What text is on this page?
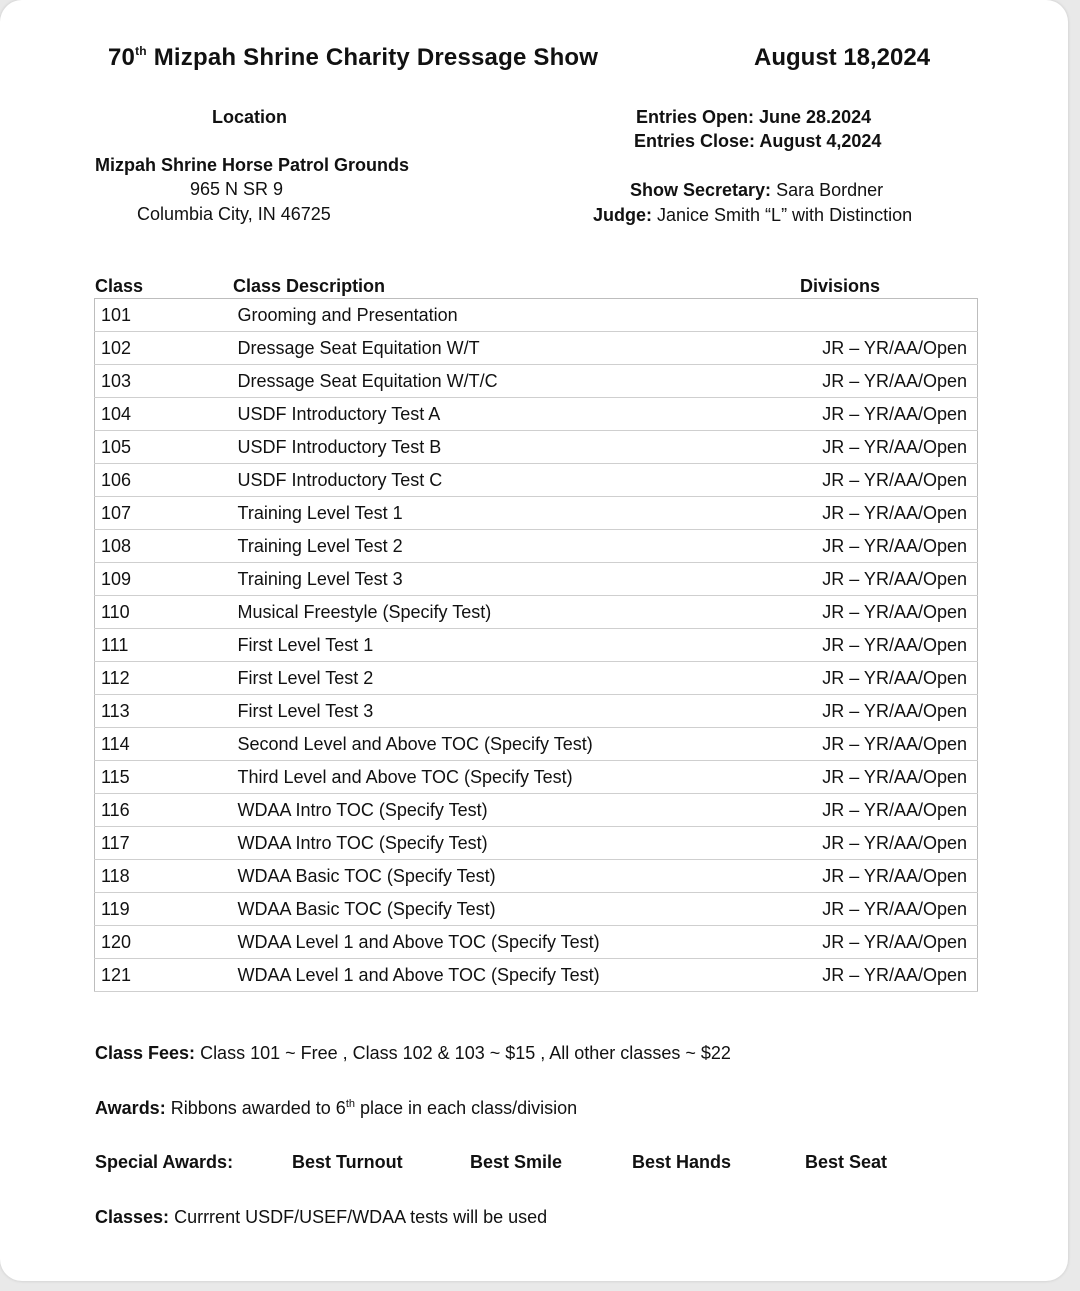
70th Mizpah Shrine Charity Dressage Show	August 18,2024
Location
Mizpah Shrine Horse Patrol Grounds
965 N SR 9
Columbia City, IN 46725
Entries Open: June 28.2024
Entries Close: August 4,2024
Show Secretary: Sara Bordner
Judge: Janice Smith “L” with Distinction
Class	Class Description	Divisions
101	Grooming and Presentation	
102	Dressage Seat Equitation W/T	JR – YR/AA/Open
103	Dressage Seat Equitation W/T/C	JR – YR/AA/Open
104	USDF Introductory Test A	JR – YR/AA/Open
105	USDF Introductory Test B	JR – YR/AA/Open
106	USDF Introductory Test C	JR – YR/AA/Open
107	Training Level Test 1	JR – YR/AA/Open
108	Training Level Test 2	JR – YR/AA/Open
109	Training Level Test 3	JR – YR/AA/Open
110	Musical Freestyle (Specify Test)	JR – YR/AA/Open
111	First Level Test 1	JR – YR/AA/Open
112	First Level Test 2	JR – YR/AA/Open
113	First Level Test 3	JR – YR/AA/Open
114	Second Level and Above TOC (Specify Test)	JR – YR/AA/Open
115	Third Level and Above TOC (Specify Test)	JR – YR/AA/Open
116	WDAA Intro TOC (Specify Test)	JR – YR/AA/Open
117	WDAA Intro TOC (Specify Test)	JR – YR/AA/Open
118	WDAA Basic TOC (Specify Test)	JR – YR/AA/Open
119	WDAA Basic TOC (Specify Test)	JR – YR/AA/Open
120	WDAA Level 1 and Above TOC (Specify Test)	JR – YR/AA/Open
121	WDAA Level 1 and Above TOC (Specify Test)	JR – YR/AA/Open
Class Fees: Class 101 ~ Free , Class 102 & 103 ~ $15 , All other classes ~ $22
Awards: Ribbons awarded to 6th place in each class/division
Special Awards:	Best Turnout	Best Smile	Best Hands	Best Seat
Classes: Currrent USDF/USEF/WDAA tests will be used
